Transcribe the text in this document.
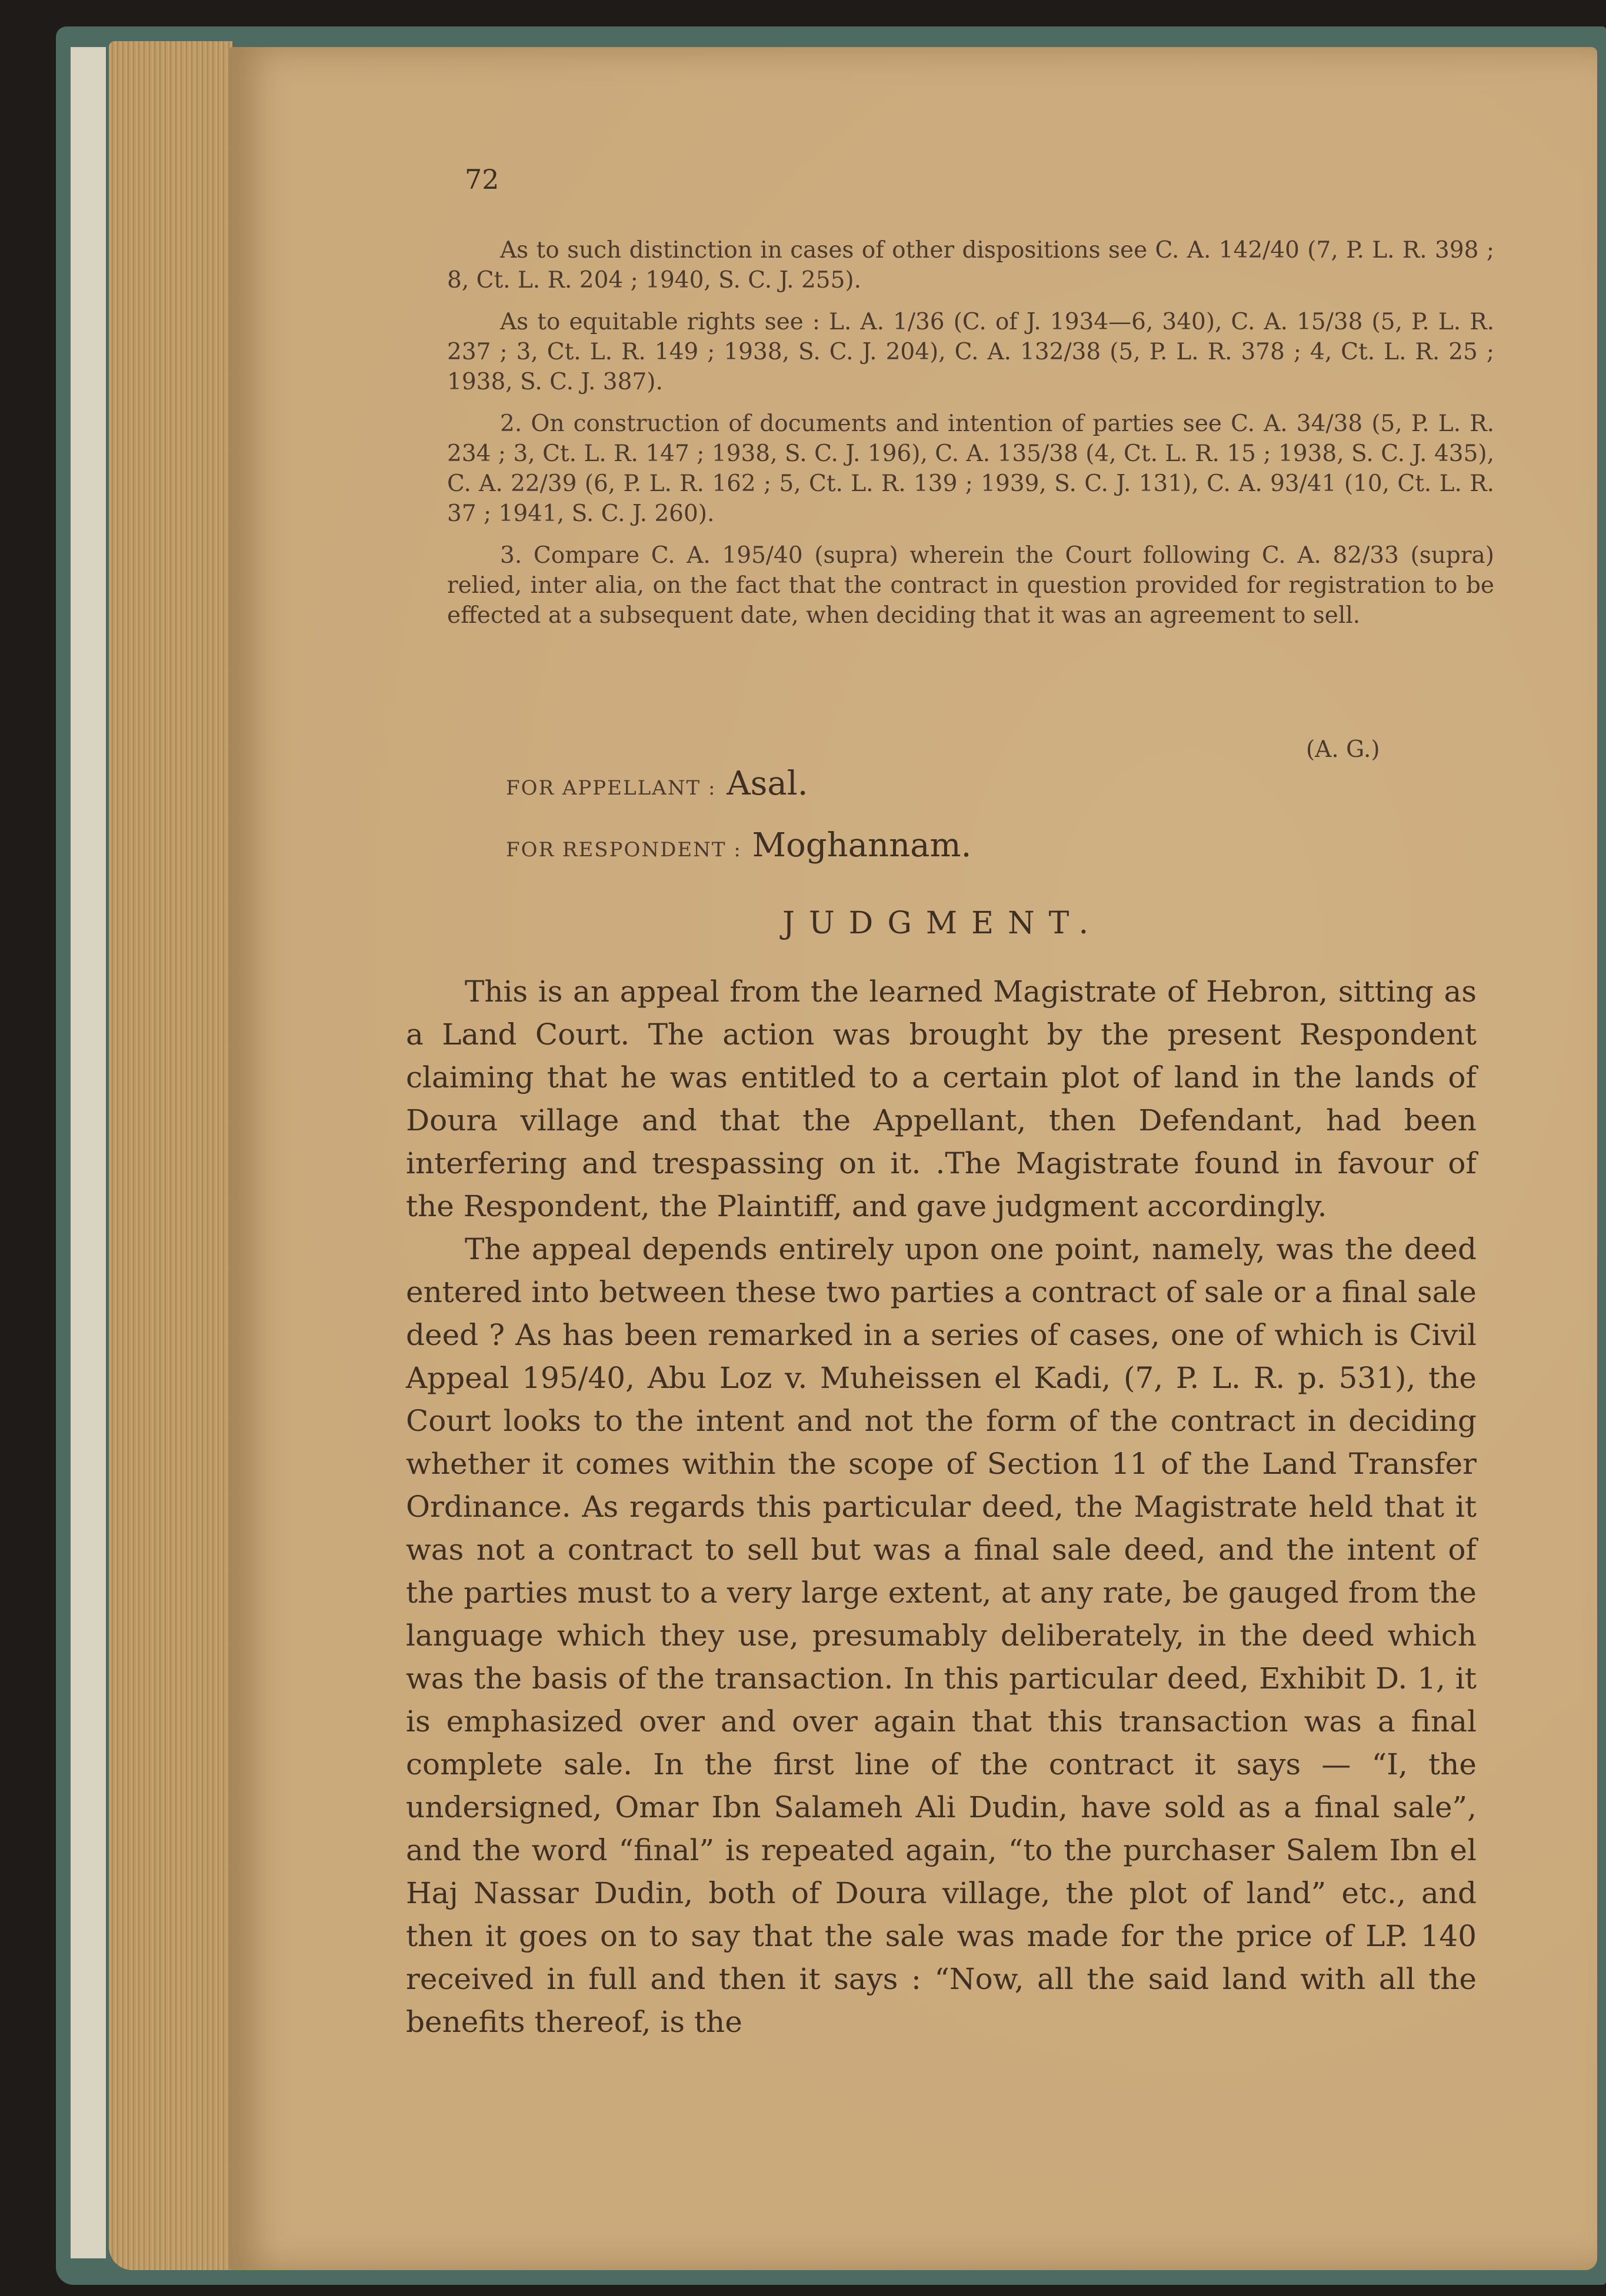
72

As to such distinction in cases of other dispositions see C. A. 142/40 (7, P. L. R. 398 ; 8, Ct. L. R. 204 ; 1940, S. C. J. 255).

As to equitable rights see : L. A. 1/36 (C. of J. 1934—6, 340), C. A. 15/38 (5, P. L. R. 237 ; 3, Ct. L. R. 149 ; 1938, S. C. J. 204), C. A. 132/38 (5, P. L. R. 378 ; 4, Ct. L. R. 25 ; 1938, S. C. J. 387).

2. On construction of documents and intention of parties see C. A. 34/38 (5, P. L. R. 234 ; 3, Ct. L. R. 147 ; 1938, S. C. J. 196), C. A. 135/38 (4, Ct. L. R. 15 ; 1938, S. C. J. 435), C. A. 22/39 (6, P. L. R. 162 ; 5, Ct. L. R. 139 ; 1939, S. C. J. 131), C. A. 93/41 (10, Ct. L. R. 37 ; 1941, S. C. J. 260).

3. Compare C. A. 195/40 (supra) wherein the Court following C. A. 82/33 (supra) relied, inter alia, on the fact that the contract in question provided for registration to be effected at a subsequent date, when deciding that it was an agreement to sell.

(A. G.)
FOR APPELLANT : Asal.
FOR RESPONDENT : Moghannam.
JUDGMENT.

This is an appeal from the learned Magistrate of Hebron, sitting as a Land Court. The action was brought by the present Respondent claiming that he was entitled to a certain plot of land in the lands of Doura village and that the Appellant, then Defendant, had been interfering and trespassing on it. .The Magistrate found in favour of the Respondent, the Plaintiff, and gave judgment accordingly.

The appeal depends entirely upon one point, namely, was the deed entered into between these two parties a contract of sale or a final sale deed ? As has been remarked in a series of cases, one of which is Civil Appeal 195/40, Abu Loz v. Muheissen el Kadi, (7, P. L. R. p. 531), the Court looks to the intent and not the form of the contract in deciding whether it comes within the scope of Section 11 of the Land Transfer Ordinance. As regards this particular deed, the Magistrate held that it was not a contract to sell but was a final sale deed, and the intent of the parties must to a very large extent, at any rate, be gauged from the language which they use, presumably deliberately, in the deed which was the basis of the transaction. In this particular deed, Exhibit D. 1, it is emphasized over and over again that this transaction was a final complete sale. In the first line of the contract it says — “I, the undersigned, Omar Ibn Salameh Ali Dudin, have sold as a final sale”, and the word “final” is repeated again, “to the purchaser Salem Ibn el Haj Nassar Dudin, both of Doura village, the plot of land” etc., and then it goes on to say that the sale was made for the price of LP. 140 received in full and then it says : “Now, all the said land with all the benefits thereof, is the
